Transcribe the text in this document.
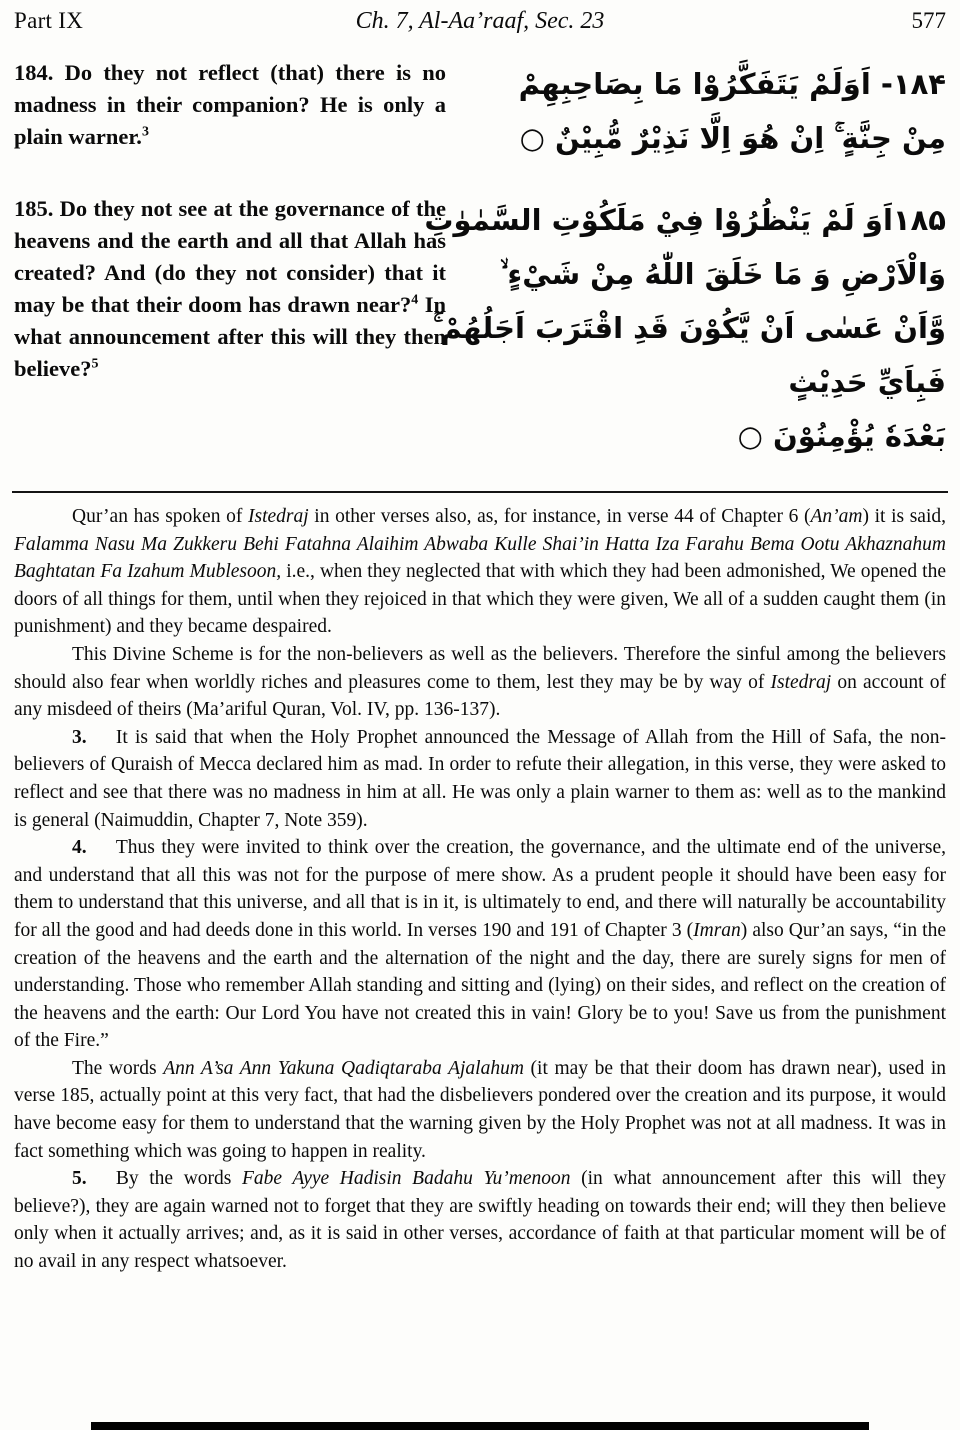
Part IX	Ch. 7, Al-Aa’raaf, Sec. 23	577
184. Do they not reflect (that) there is no madness in their companion? He is only a plain warner.$^3$
۱۸۴- اَوَلَمْ يَتَفَكَّرُوْا مَا بِصَاحِبِهِمْ
مِنْ جِنَّةٍ ۚ اِنْ هُوَ اِلَّا نَذِيْرٌ مُّبِيْنٌ ○
185. Do they not see at the governance of the heavens and the earth and all that Allah has created? And (do they not consider) that it may be that their doom has drawn near?$^4$ In what announcement after this will they then believe?$^5$
۱۸۵اَوَ لَمْ يَنْظُرُوْا فِيْ مَلَكُوْتِ السَّمٰوٰتِ
وَالْاَرْضِ وَ مَا خَلَقَ اللّٰهُ مِنْ شَيْءٍ ۙ
وَّاَنْ عَسٰى اَنْ يَّكُوْنَ قَدِ اقْتَرَبَ اَجَلُهُمْ ۚ
فَبِاَيِّ حَدِيْثٍ
بَعْدَهٗ يُؤْمِنُوْنَ ○

Qur’an has spoken of Istedraj in other verses also, as, for instance, in verse 44 of Chapter 6 (An’am) it is said, Falamma Nasu Ma Zukkeru Behi Fatahna Alaihim Abwaba Kulle Shai’in Hatta Iza Farahu Bema Ootu Akhaznahum Baghtatan Fa Izahum Mublesoon, i.e., when they neglected that with which they had been admonished, We opened the doors of all things for them, until when they rejoiced in that which they were given, We all of a sudden caught them (in punishment) and they became despaired.

This Divine Scheme is for the non-believers as well as the believers. Therefore the sinful among the believers should also fear when worldly riches and pleasures come to them, lest they may be by way of Istedraj on account of any misdeed of theirs (Ma’ariful Quran, Vol. IV, pp. 136-137).

3.  It is said that when the Holy Prophet announced the Message of Allah from the Hill of Safa, the non-believers of Quraish of Mecca declared him as mad. In order to refute their allegation, in this verse, they were asked to reflect and see that there was no madness in him at all. He was only a plain warner to them as: well as to the mankind is general (Naimuddin, Chapter 7, Note 359).

4.  Thus they were invited to think over the creation, the governance, and the ultimate end of the universe, and understand that all this was not for the purpose of mere show. As a prudent people it should have been easy for them to understand that this universe, and all that is in it, is ultimately to end, and there will naturally be accountability for all the good and had deeds done in this world. In verses 190 and 191 of Chapter 3 (Imran) also Qur’an says, “in the creation of the heavens and the earth and the alternation of the night and the day, there are surely signs for men of understanding. Those who remember Allah standing and sitting and (lying) on their sides, and reflect on the creation of the heavens and the earth: Our Lord You have not created this in vain! Glory be to you! Save us from the punishment of the Fire.”

The words Ann A’sa Ann Yakuna Qadiqtaraba Ajalahum (it may be that their doom has drawn near), used in verse 185, actually point at this very fact, that had the disbelievers pondered over the creation and its purpose, it would have become easy for them to understand that the warning given by the Holy Prophet was not at all madness. It was in fact something which was going to happen in reality.

5.  By the words Fabe Ayye Hadisin Badahu Yu’menoon (in what announcement after this will they believe?), they are again warned not to forget that they are swiftly heading on towards their end; will they then believe only when it actually arrives; and, as it is said in other verses, accordance of faith at that particular moment will be of no avail in any respect whatsoever.
